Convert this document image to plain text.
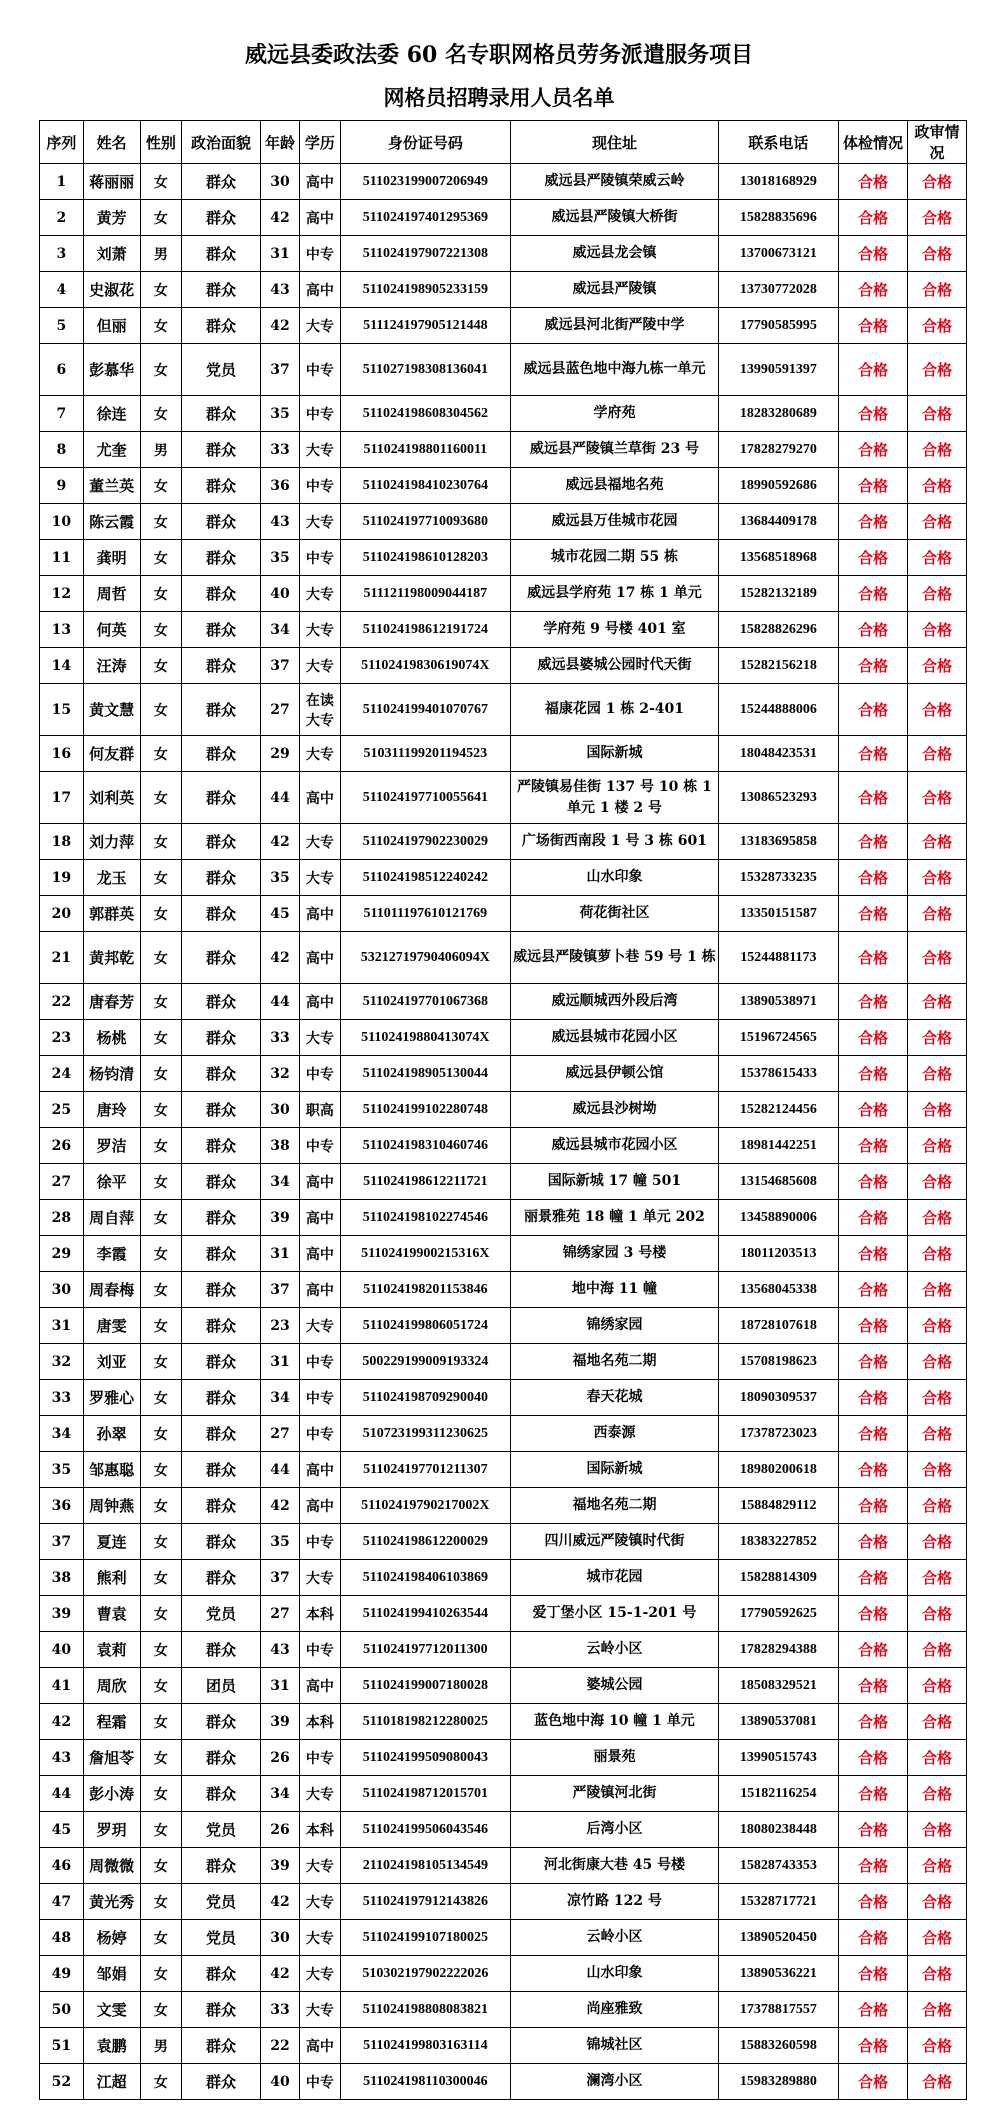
威远县委政法委 60 名专职网格员劳务派遣服务项目
网格员招聘录用人员名单
序列	姓名	性别	政治面貌	年龄	学历	身份证号码	现住址	联系电话	体检情况	政审情况
1	蒋丽丽	女	群众	30	高中	511023199007206949	威远县严陵镇荣威云岭	13018168929	合格	合格
2	黄芳	女	群众	42	高中	511024197401295369	威远县严陵镇大桥街	15828835696	合格	合格
3	刘萧	男	群众	31	中专	511024197907221308	威远县龙会镇	13700673121	合格	合格
4	史淑花	女	群众	43	高中	511024198905233159	威远县严陵镇	13730772028	合格	合格
5	但丽	女	群众	42	大专	511124197905121448	威远县河北街严陵中学	17790585995	合格	合格
6	彭慕华	女	党员	37	中专	511027198308136041	威远县蓝色地中海九栋一单元	13990591397	合格	合格
7	徐连	女	群众	35	中专	511024198608304562	学府苑	18283280689	合格	合格
8	尤奎	男	群众	33	大专	511024198801160011	威远县严陵镇兰草街 23 号	17828279270	合格	合格
9	董兰英	女	群众	36	中专	511024198410230764	威远县福地名苑	18990592686	合格	合格
10	陈云霞	女	群众	43	大专	511024197710093680	威远县万佳城市花园	13684409178	合格	合格
11	龚明	女	群众	35	中专	511024198610128203	城市花园二期 55 栋	13568518968	合格	合格
12	周哲	女	群众	40	大专	511121198009044187	威远县学府苑 17 栋 1 单元	15282132189	合格	合格
13	何英	女	群众	34	大专	511024198612191724	学府苑 9 号楼 401 室	15828826296	合格	合格
14	汪涛	女	群众	37	大专	51102419830619074X	威远县婆城公园时代天街	15282156218	合格	合格
15	黄文慧	女	群众	27	在读大专	511024199401070767	福康花园 1 栋 2-401	15244888006	合格	合格
16	何友群	女	群众	29	大专	510311199201194523	国际新城	18048423531	合格	合格
17	刘利英	女	群众	44	高中	511024197710055641	严陵镇易佳街 137 号 10 栋 1 单元 1 楼 2 号	13086523293	合格	合格
18	刘力萍	女	群众	42	大专	511024197902230029	广场街西南段 1 号 3 栋 601	13183695858	合格	合格
19	龙玉	女	群众	35	大专	511024198512240242	山水印象	15328733235	合格	合格
20	郭群英	女	群众	45	高中	511011197610121769	荷花街社区	13350151587	合格	合格
21	黄邦乾	女	群众	42	高中	53212719790406094X	威远县严陵镇萝卜巷 59 号 1 栋	15244881173	合格	合格
22	唐春芳	女	群众	44	高中	511024197701067368	威远顺城西外段后湾	13890538971	合格	合格
23	杨桃	女	群众	33	大专	51102419880413074X	威远县城市花园小区	15196724565	合格	合格
24	杨钧清	女	群众	32	中专	511024198905130044	威远县伊顿公馆	15378615433	合格	合格
25	唐玲	女	群众	30	职高	511024199102280748	威远县沙树坳	15282124456	合格	合格
26	罗洁	女	群众	38	中专	511024198310460746	威远县城市花园小区	18981442251	合格	合格
27	徐平	女	群众	34	高中	511024198612211721	国际新城 17 幢 501	13154685608	合格	合格
28	周自萍	女	群众	39	高中	511024198102274546	丽景雅苑 18 幢 1 单元 202	13458890006	合格	合格
29	李霞	女	群众	31	高中	51102419900215316X	锦绣家园 3 号楼	18011203513	合格	合格
30	周春梅	女	群众	37	高中	511024198201153846	地中海 11 幢	13568045338	合格	合格
31	唐雯	女	群众	23	大专	511024199806051724	锦绣家园	18728107618	合格	合格
32	刘亚	女	群众	31	中专	500229199009193324	福地名苑二期	15708198623	合格	合格
33	罗雅心	女	群众	34	中专	511024198709290040	春天花城	18090309537	合格	合格
34	孙翠	女	群众	27	中专	510723199311230625	西泰源	17378723023	合格	合格
35	邹惠聪	女	群众	44	高中	511024197701211307	国际新城	18980200618	合格	合格
36	周钟燕	女	群众	42	高中	51102419790217002X	福地名苑二期	15884829112	合格	合格
37	夏连	女	群众	35	中专	511024198612200029	四川威远严陵镇时代街	18383227852	合格	合格
38	熊利	女	群众	37	大专	511024198406103869	城市花园	15828814309	合格	合格
39	曹袁	女	党员	27	本科	511024199410263544	爱丁堡小区 15-1-201 号	17790592625	合格	合格
40	袁莉	女	群众	43	中专	511024197712011300	云岭小区	17828294388	合格	合格
41	周欣	女	团员	31	高中	511024199007180028	婆城公园	18508329521	合格	合格
42	程霜	女	群众	39	本科	511018198212280025	蓝色地中海 10 幢 1 单元	13890537081	合格	合格
43	詹旭苓	女	群众	26	中专	511024199509080043	丽景苑	13990515743	合格	合格
44	彭小涛	女	群众	34	大专	511024198712015701	严陵镇河北街	15182116254	合格	合格
45	罗玥	女	党员	26	本科	511024199506043546	后湾小区	18080238448	合格	合格
46	周微微	女	群众	39	大专	211024198105134549	河北街康大巷 45 号楼	15828743353	合格	合格
47	黄光秀	女	党员	42	大专	511024197912143826	凉竹路 122 号	15328717721	合格	合格
48	杨婷	女	党员	30	大专	511024199107180025	云岭小区	13890520450	合格	合格
49	邹娟	女	群众	42	大专	510302197902222026	山水印象	13890536221	合格	合格
50	文雯	女	群众	33	大专	511024198808083821	尚座雅致	17378817557	合格	合格
51	袁鹏	男	群众	22	高中	511024199803163114	锦城社区	15883260598	合格	合格
52	江超	女	群众	40	中专	511024198110300046	澜湾小区	15983289880	合格	合格
